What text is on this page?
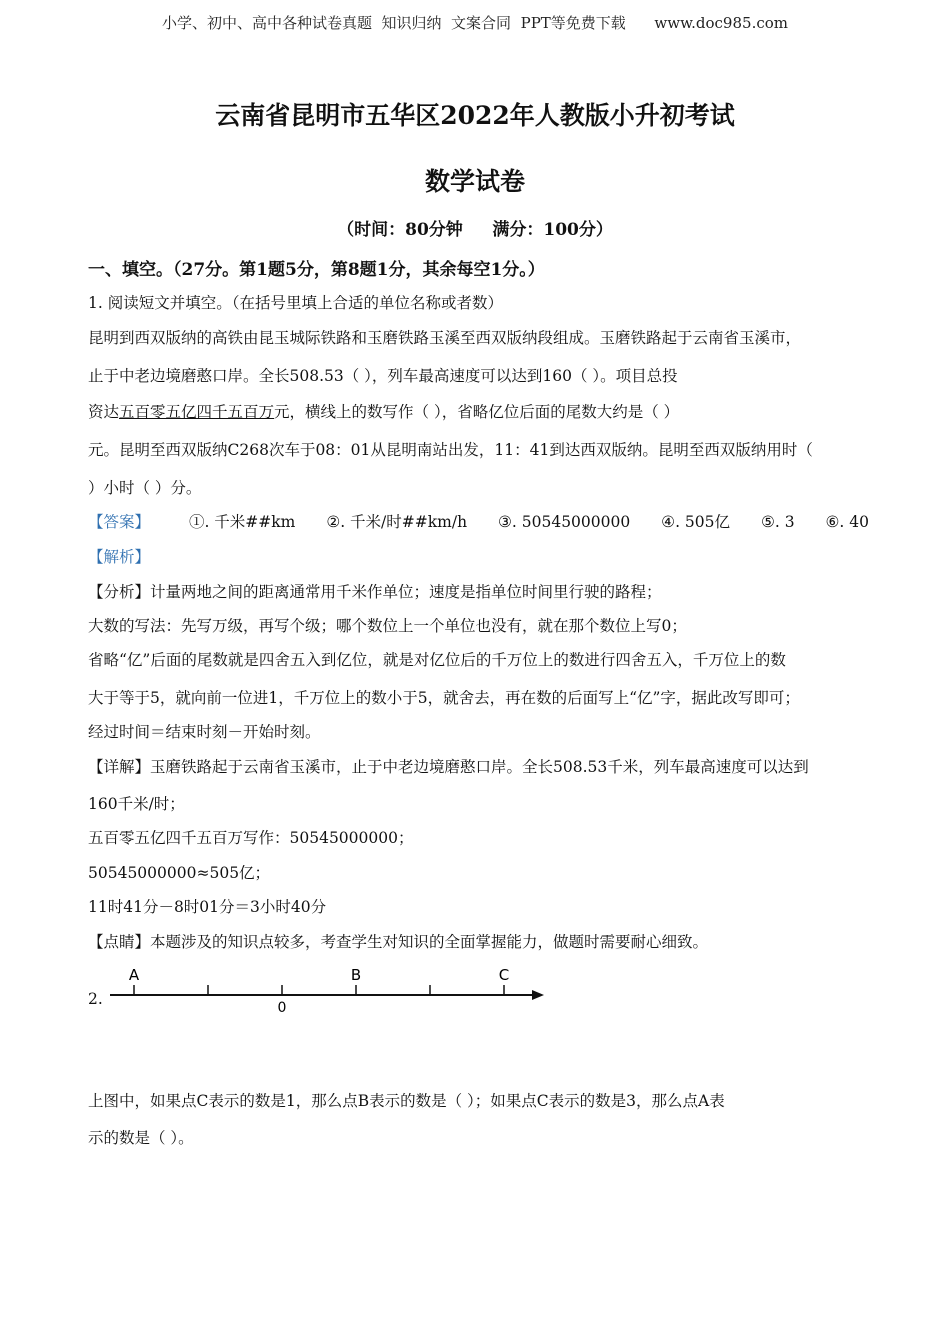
小学、初中、高中各种试卷真题  知识归纳  文案合同  PPT等免费下载      www.doc985.com
云南省昆明市五华区2022年人教版小升初考试
数学试卷
（时间：80分钟     满分：100分）
一、填空。（27分。第1题5分，第8题1分，其余每空1分。）
1. 阅读短文并填空。（在括号里填上合适的单位名称或者数）
昆明到西双版纳的高铁由昆玉城际铁路和玉磨铁路玉溪至西双版纳段组成。玉磨铁路起于云南省玉溪市，
止于中老边境磨憨口岸。全长508.53（ ），列车最高速度可以达到160（ ）。项目总投
资达五百零五亿四千五百万元，横线上的数写作（ ），省略亿位后面的尾数大约是（ ）
元。昆明至西双版纳C268次车于08：01从昆明南站出发，11：41到达西双版纳。昆明至西双版纳用时（
）小时（ ）分。
【答案】	①. 千米##km ②. 千米/时##km/h ③. 50545000000 ④. 505亿 ⑤. 3 ⑥. 40
【解析】
【分析】计量两地之间的距离通常用千米作单位；速度是指单位时间里行驶的路程；
大数的写法：先写万级，再写个级；哪个数位上一个单位也没有，就在那个数位上写0；
省略“亿”后面的尾数就是四舍五入到亿位，就是对亿位后的千万位上的数进行四舍五入，千万位上的数
大于等于5，就向前一位进1，千万位上的数小于5，就舍去，再在数的后面写上“亿”字，据此改写即可；
经过时间＝结束时刻－开始时刻。
【详解】玉磨铁路起于云南省玉溪市，止于中老边境磨憨口岸。全长508.53千米，列车最高速度可以达到
160千米/时；
五百零五亿四千五百万写作：50545000000；
50545000000≈505亿；
11时41分－8时01分＝3小时40分
【点睛】本题涉及的知识点较多，考查学生对知识的全面掌握能力，做题时需要耐心细致。
2.
A	B	C
0
上图中，如果点C表示的数是1，那么点B表示的数是（ ）；如果点C表示的数是3，那么点A表
示的数是（ ）。
